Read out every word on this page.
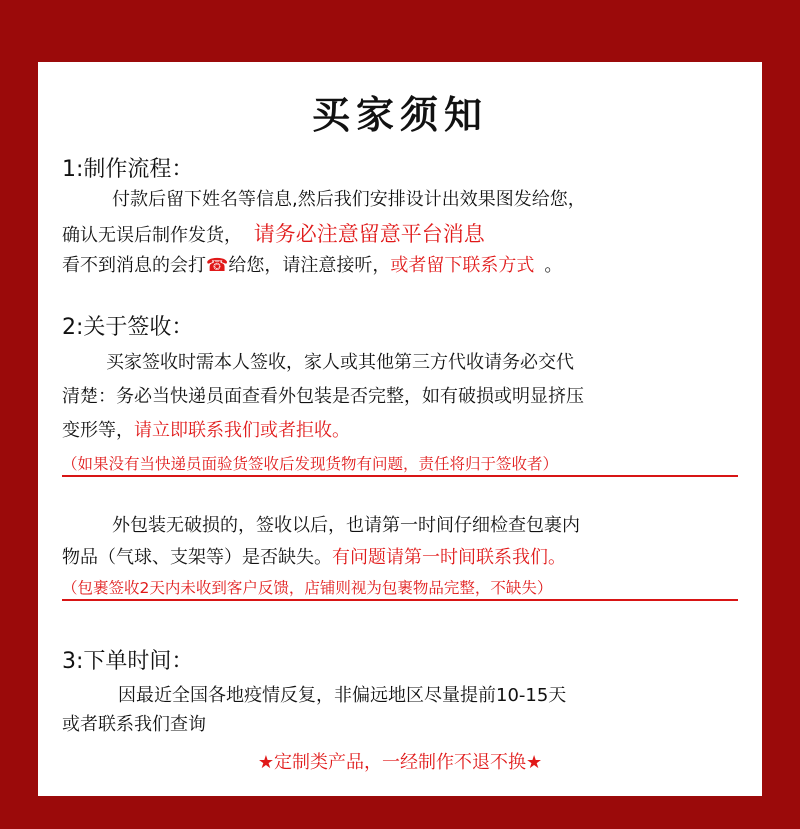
买家须知
1:制作流程：
付款后留下姓名等信息,然后我们安排设计出效果图发给您，
确认无误后制作发货， 请务必注意留意平台消息
看不到消息的会打☎给您，请注意接听，或者留下联系方式 。
2:关于签收：
买家签收时需本人签收，家人或其他第三方代收请务必交代
清楚：务必当快递员面查看外包装是否完整，如有破损或明显挤压
变形等，请立即联系我们或者拒收。
（如果没有当快递员面验货签收后发现货物有问题，责任将归于签收者）
外包装无破损的，签收以后，也请第一时间仔细检查包裹内
物品（气球、支架等）是否缺失。有问题请第一时间联系我们。
（包裹签收2天内未收到客户反馈，店铺则视为包裹物品完整，不缺失）
3:下单时间：
因最近全国各地疫情反复，非偏远地区尽量提前10-15天
或者联系我们查询
★定制类产品，一经制作不退不换★
